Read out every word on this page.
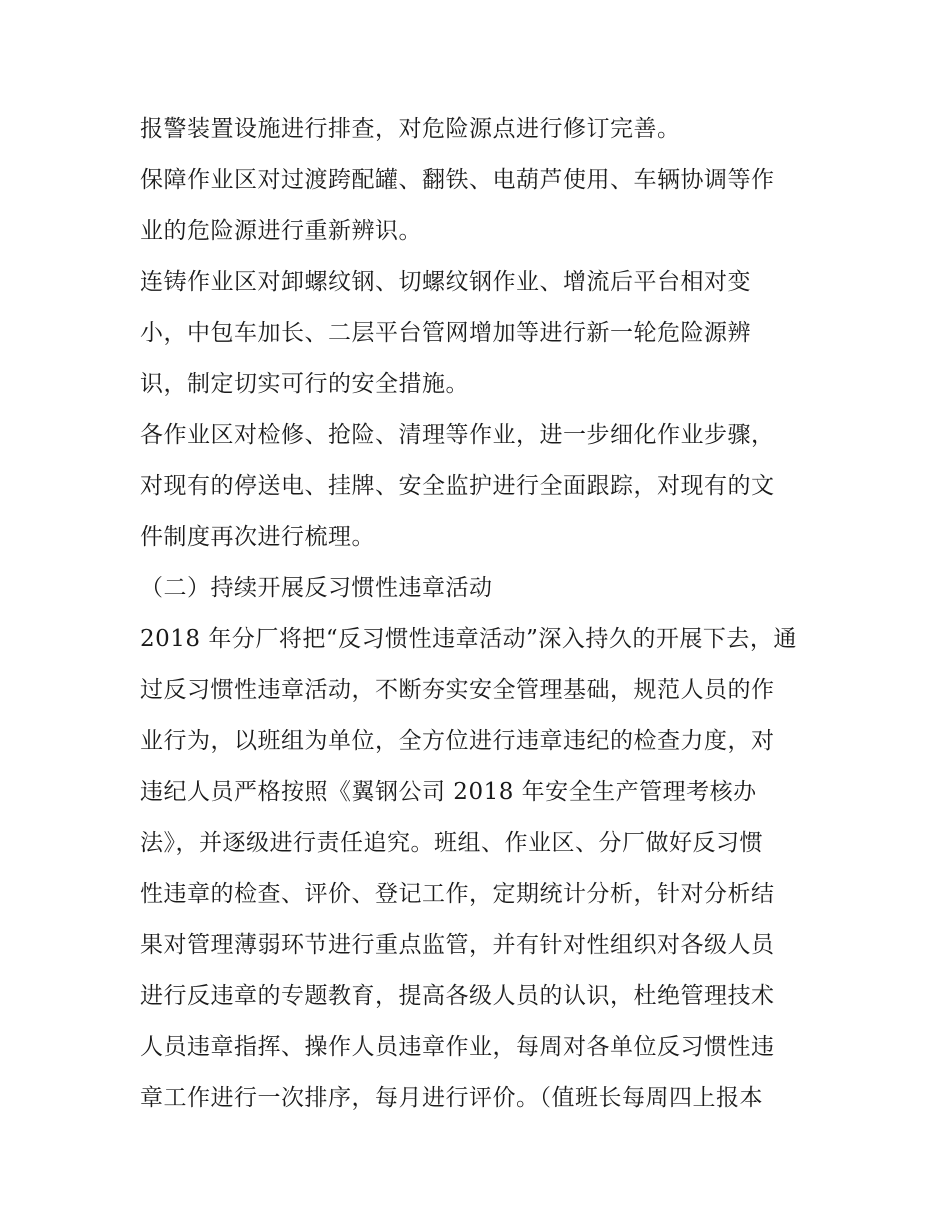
报警装置设施进行排查，对危险源点进行修订完善。
保障作业区对过渡跨配罐、翻铁、电葫芦使用、车辆协调等作
业的危险源进行重新辨识。
连铸作业区对卸螺纹钢、切螺纹钢作业、增流后平台相对变
小，中包车加长、二层平台管网增加等进行新一轮危险源辨
识，制定切实可行的安全措施。
各作业区对检修、抢险、清理等作业，进一步细化作业步骤，
对现有的停送电、挂牌、安全监护进行全面跟踪，对现有的文
件制度再次进行梳理。
（二）持续开展反习惯性违章活动
2018 年分厂将把“反习惯性违章活动”深入持久的开展下去，通
过反习惯性违章活动，不断夯实安全管理基础，规范人员的作
业行为，以班组为单位，全方位进行违章违纪的检查力度，对
违纪人员严格按照《翼钢公司 2018 年安全生产管理考核办
法》，并逐级进行责任追究。班组、作业区、分厂做好反习惯
性违章的检查、评价、登记工作，定期统计分析，针对分析结
果对管理薄弱环节进行重点监管，并有针对性组织对各级人员
进行反违章的专题教育，提高各级人员的认识，杜绝管理技术
人员违章指挥、操作人员违章作业，每周对各单位反习惯性违
章工作进行一次排序，每月进行评价。（值班长每周四上报本
